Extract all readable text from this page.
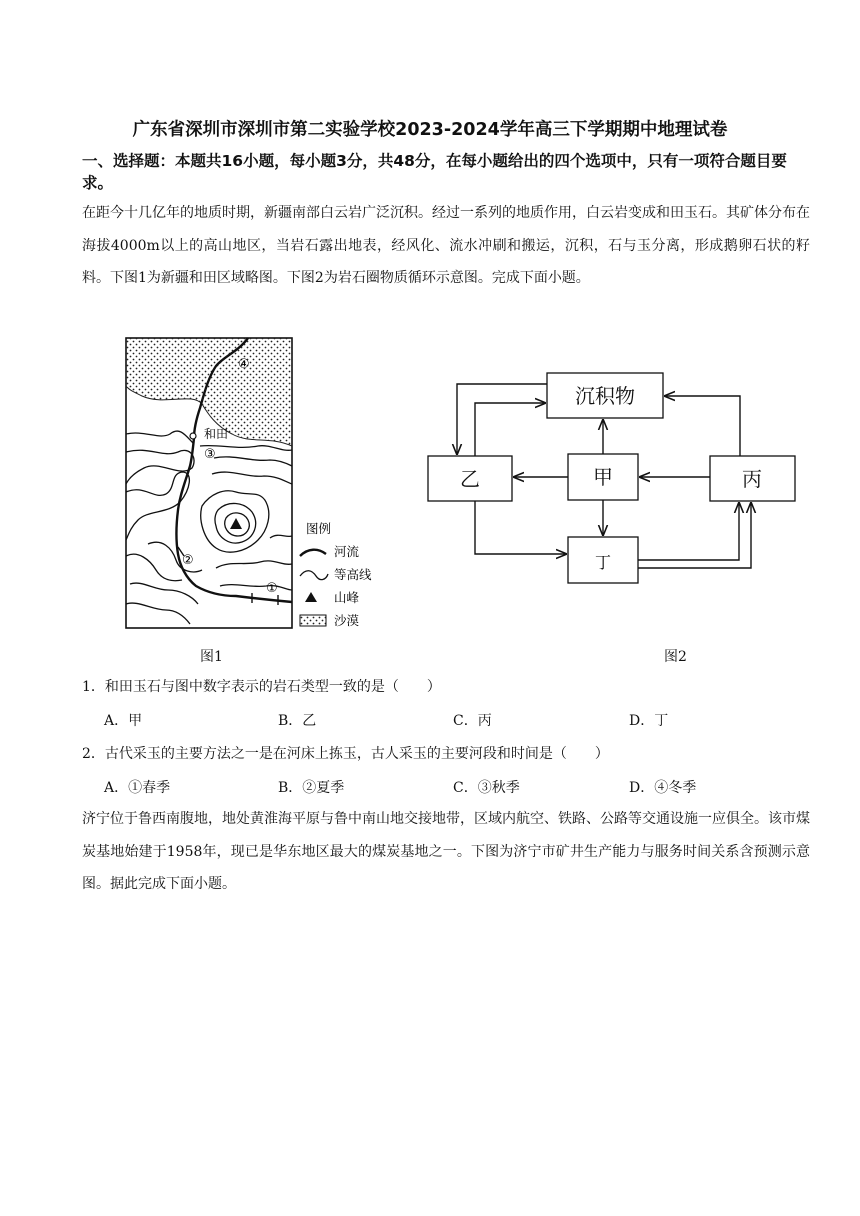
广东省深圳市深圳市第二实验学校2023-2024学年高三下学期期中地理试卷
一、选择题：本题共16小题，每小题3分，共48分，在每小题给出的四个选项中，只有一项符合题目要求。
在距今十几亿年的地质时期，新疆南部白云岩广泛沉积。经过一系列的地质作用，白云岩变成和田玉石。其矿体分布在海拔4000m以上的高山地区，当岩石露出地表，经风化、流水冲刷和搬运，沉积，石与玉分离，形成鹅卵石状的籽料。下图1为新疆和田区域略图。下图2为岩石圈物质循环示意图。完成下面小题。
和田
①
②
③
④
图例
河流
等高线
山峰
沙漠
沉积物
乙	甲	丙
丁
图1	图2
1．和田玉石与图中数字表示的岩石类型一致的是（　　）
A．甲	B．乙	C．丙	D．丁
2．古代采玉的主要方法之一是在河床上拣玉，古人采玉的主要河段和时间是（　　）
A．①春季	B．②夏季	C．③秋季	D．④冬季
济宁位于鲁西南腹地，地处黄淮海平原与鲁中南山地交接地带，区域内航空、铁路、公路等交通设施一应俱全。该市煤炭基地始建于1958年，现已是华东地区最大的煤炭基地之一。下图为济宁市矿井生产能力与服务时间关系含预测示意图。据此完成下面小题。
